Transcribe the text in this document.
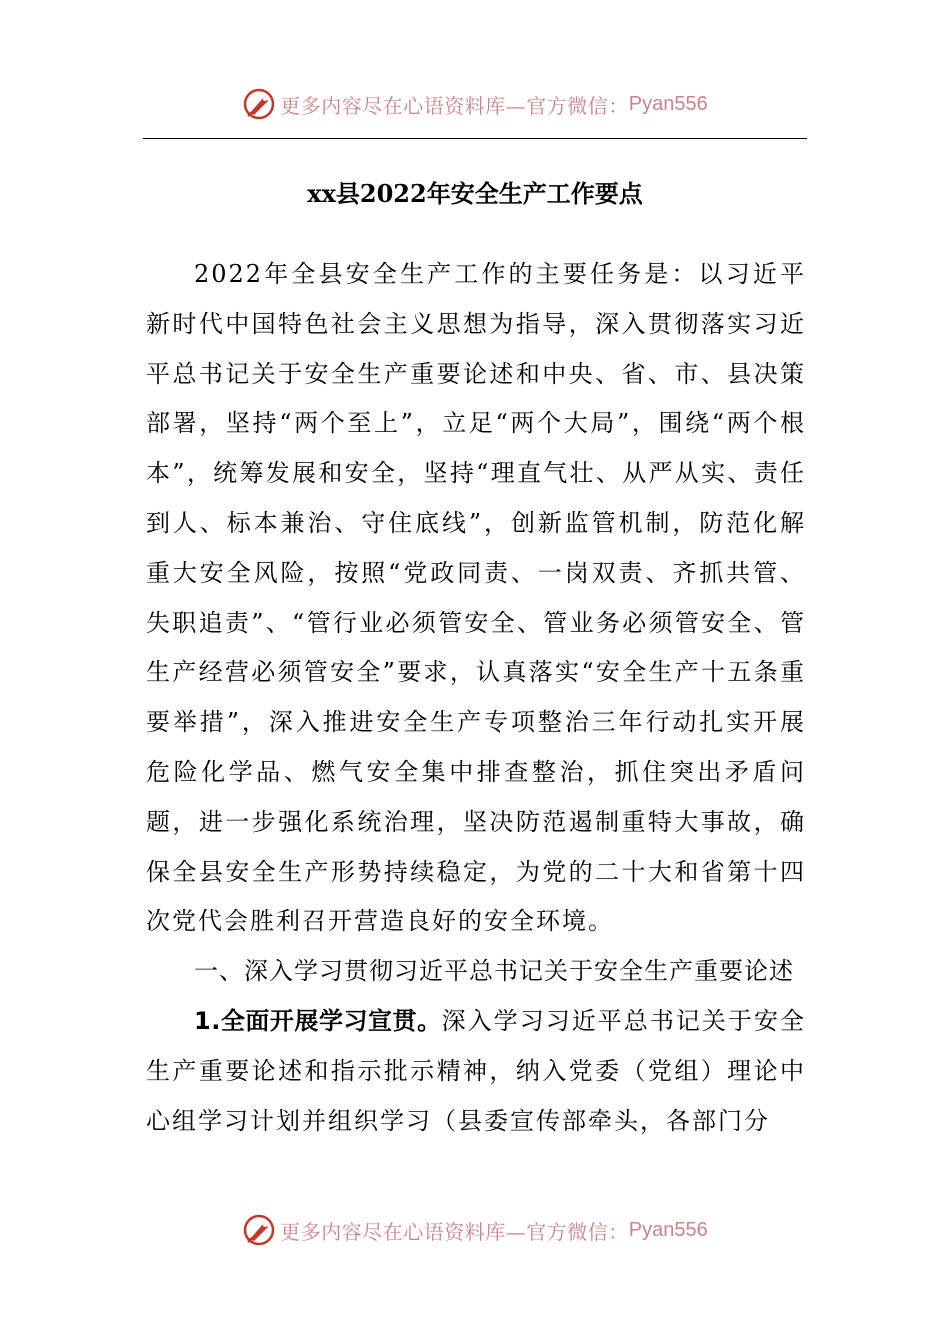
更多内容尽在心语资料库—官方微信： Pyan556
xx县2022年安全生产工作要点

2022年全县安全生产工作的主要任务是：以习近平新时代中国特色社会主义思想为指导，深入贯彻落实习近平总书记关于安全生产重要论述和中央、省、市、县决策部署，坚持“两个至上”，立足“两个大局”，围绕“两个根本”，统筹发展和安全，坚持“理直气壮、从严从实、责任到人、标本兼治、守住底线”，创新监管机制，防范化解重大安全风险，按照“党政同责、一岗双责、齐抓共管、失职追责”、“管行业必须管安全、管业务必须管安全、管生产经营必须管安全”要求，认真落实“安全生产十五条重要举措”，深入推进安全生产专项整治三年行动扎实开展危险化学品、燃气安全集中排查整治，抓住突出矛盾问题，进一步强化系统治理，坚决防范遏制重特大事故，确保全县安全生产形势持续稳定，为党的二十大和省第十四次党代会胜利召开营造良好的安全环境。

一、深入学习贯彻习近平总书记关于安全生产重要论述

1.全面开展学习宣贯。深入学习习近平总书记关于安全生产重要论述和指示批示精神，纳入党委（党组）理论中心组学习计划并组织学习（县委宣传部牵头，各部门分

更多内容尽在心语资料库—官方微信： Pyan556
